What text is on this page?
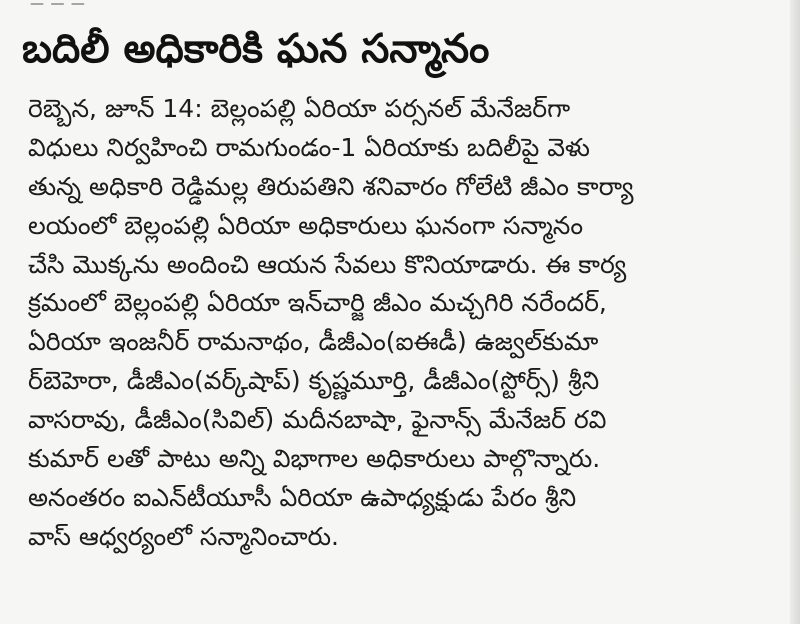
బదిలీ అధికారికి ఘన సన్మానం
రెబ్బెన, జూన్ 14: బెల్లంపల్లి ఏరియా పర్సనల్ మేనేజర్‌గా
విధులు నిర్వహించి రామగుండం-1 ఏరియాకు బదిలీపై వెళు
తున్న అధికారి రెడ్డిమల్ల తిరుపతిని శనివారం గోలేటి జీఎం కార్యా
లయంలో బెల్లంపల్లి ఏరియా అధికారులు ఘనంగా సన్మానం
చేసి మొక్కను అందించి ఆయన సేవలు కొనియాడారు. ఈ కార్య
క్రమంలో బెల్లంపల్లి ఏరియా ఇన్‌చార్జి జీఎం మచ్చగిరి నరేందర్,
ఏరియా ఇంజనీర్ రామనాథం, డీజీఎం(ఐఈడీ) ఉజ్వల్‌కుమా
ర్‌బెహెరా, డీజీఎం(వర్క్‌షాప్) కృష్ణమూర్తి, డీజీఎం(స్టోర్స్) శ్రీని
వాసరావు, డీజీఎం(సివిల్) మదీనబాషా, ఫైనాన్స్ మేనేజర్ రవి
కుమార్ లతో పాటు అన్ని విభాగాల అధికారులు పాల్గొన్నారు.
అనంతరం ఐఎన్‌టీయూసీ ఏరియా ఉపాధ్యక్షుడు పేరం శ్రీని
వాస్ ఆధ్వర్యంలో సన్మానించారు.
